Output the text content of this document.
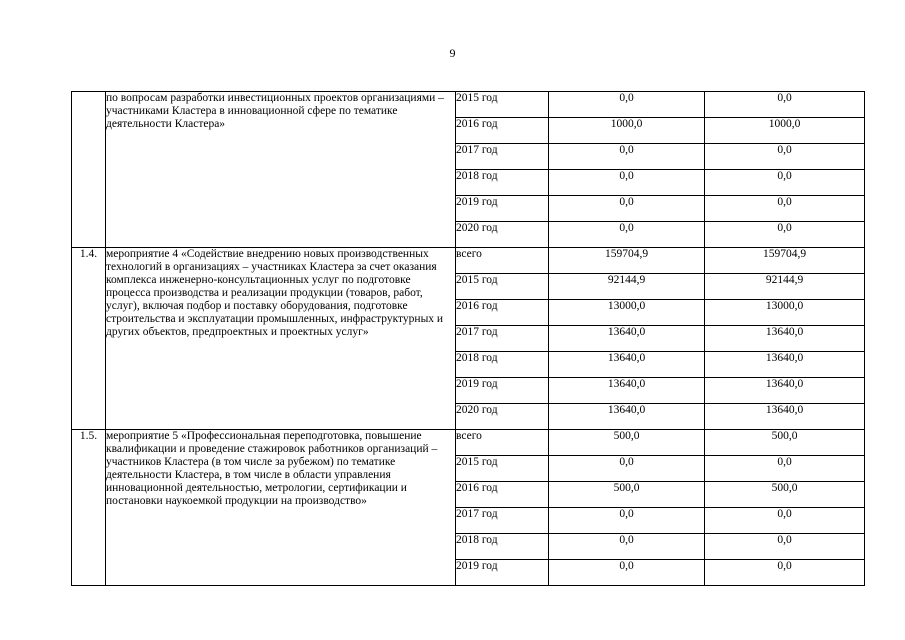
9

	по вопросам разработки инвестиционных проектов организациями – участниками Кластера в инновационной сфере по тематике деятельности Кластера»	2015 год	0,0	0,0
		2016 год	1000,0	1000,0
		2017 год	0,0	0,0
		2018 год	0,0	0,0
		2019 год	0,0	0,0
		2020 год	0,0	0,0
1.4.	мероприятие 4 «Содействие внедрению новых производственных технологий в организациях – участниках Кластера за счет оказания комплекса инженерно-консультационных услуг по подготовке процесса производства и реализации продукции (товаров, работ, услуг), включая подбор и поставку оборудования, подготовке строительства и эксплуатации промышленных, инфраструктурных и других объектов, предпроектных и проектных услуг»	всего	159704,9	159704,9
		2015 год	92144,9	92144,9
		2016 год	13000,0	13000,0
		2017 год	13640,0	13640,0
		2018 год	13640,0	13640,0
		2019 год	13640,0	13640,0
		2020 год	13640,0	13640,0
1.5.	мероприятие 5 «Профессиональная переподготовка, повышение квалификации и проведение стажировок работников организаций – участников Кластера (в том числе за рубежом) по тематике деятельности Кластера, в том числе в области управления инновационной деятельностью, метрологии, сертификации и постановки наукоемкой продукции на производство»	всего	500,0	500,0
		2015 год	0,0	0,0
		2016 год	500,0	500,0
		2017 год	0,0	0,0
		2018 год	0,0	0,0
		2019 год	0,0	0,0
